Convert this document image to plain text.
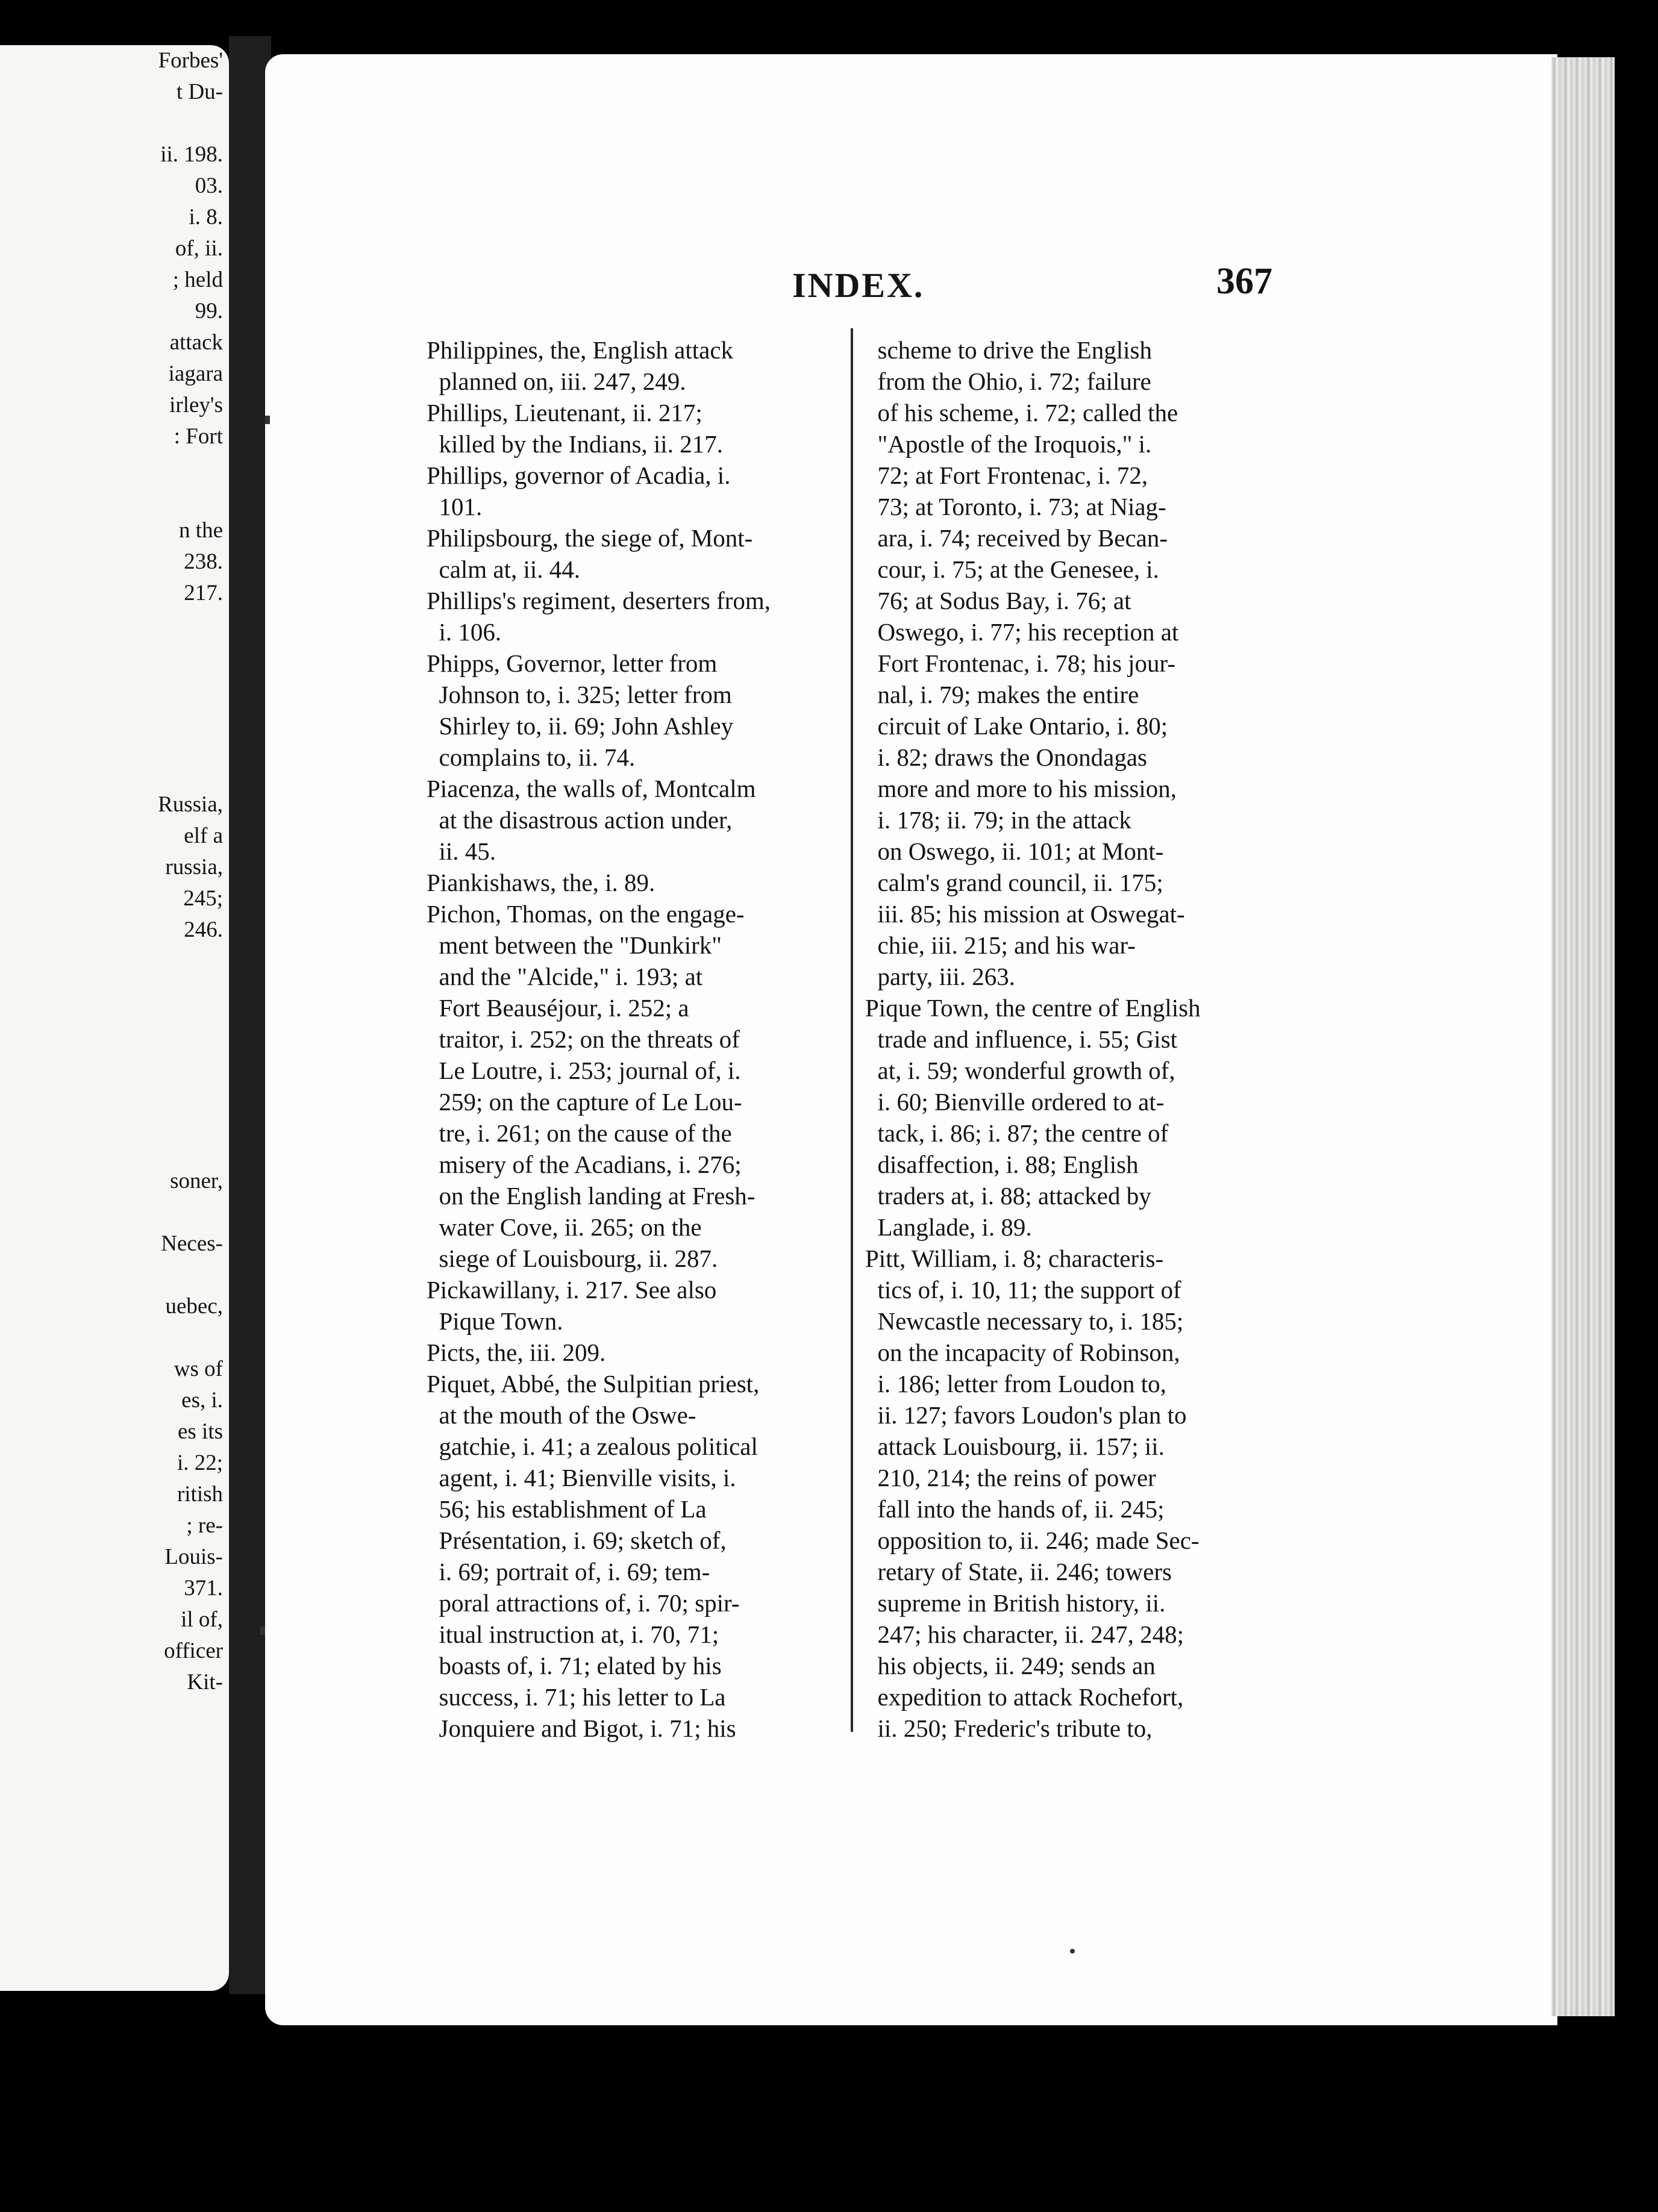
Forbes'
t Du-

ii. 198.
03.
i. 8.
of, ii.
; held
99.
attack
iagara
irley's
: Fort

n the
238.
217.
Russia,
elf a
russia,
245;
246.
soner,

Neces-

uebec,

ws of
es, i.
es its
i. 22;
ritish
; re-
Louis-
371.
il of,
officer
Kit-
INDEX.	367
Philippines, the, English attack
planned on, iii. 247, 249.
Phillips, Lieutenant, ii. 217;
killed by the Indians, ii. 217.
Phillips, governor of Acadia, i.
101.
Philipsbourg, the siege of, Mont-
calm at, ii. 44.
Phillips's regiment, deserters from,
i. 106.
Phipps, Governor, letter from
Johnson to, i. 325; letter from
Shirley to, ii. 69; John Ashley
complains to, ii. 74.
Piacenza, the walls of, Montcalm
at the disastrous action under,
ii. 45.
Piankishaws, the, i. 89.
Pichon, Thomas, on the engage-
ment between the "Dunkirk"
and the "Alcide," i. 193; at
Fort Beauséjour, i. 252; a
traitor, i. 252; on the threats of
Le Loutre, i. 253; journal of, i.
259; on the capture of Le Lou-
tre, i. 261; on the cause of the
misery of the Acadians, i. 276;
on the English landing at Fresh-
water Cove, ii. 265; on the
siege of Louisbourg, ii. 287.
Pickawillany, i. 217. See also
Pique Town.
Picts, the, iii. 209.
Piquet, Abbé, the Sulpitian priest,
at the mouth of the Oswe-
gatchie, i. 41; a zealous political
agent, i. 41; Bienville visits, i.
56; his establishment of La
Présentation, i. 69; sketch of,
i. 69; portrait of, i. 69; tem-
poral attractions of, i. 70; spir-
itual instruction at, i. 70, 71;
boasts of, i. 71; elated by his
success, i. 71; his letter to La
Jonquiere and Bigot, i. 71; his
scheme to drive the English
from the Ohio, i. 72; failure
of his scheme, i. 72; called the
"Apostle of the Iroquois," i.
72; at Fort Frontenac, i. 72,
73; at Toronto, i. 73; at Niag-
ara, i. 74; received by Becan-
cour, i. 75; at the Genesee, i.
76; at Sodus Bay, i. 76; at
Oswego, i. 77; his reception at
Fort Frontenac, i. 78; his jour-
nal, i. 79; makes the entire
circuit of Lake Ontario, i. 80;
i. 82; draws the Onondagas
more and more to his mission,
i. 178; ii. 79; in the attack
on Oswego, ii. 101; at Mont-
calm's grand council, ii. 175;
iii. 85; his mission at Oswegat-
chie, iii. 215; and his war-
party, iii. 263.
Pique Town, the centre of English
trade and influence, i. 55; Gist
at, i. 59; wonderful growth of,
i. 60; Bienville ordered to at-
tack, i. 86; i. 87; the centre of
disaffection, i. 88; English
traders at, i. 88; attacked by
Langlade, i. 89.
Pitt, William, i. 8; characteris-
tics of, i. 10, 11; the support of
Newcastle necessary to, i. 185;
on the incapacity of Robinson,
i. 186; letter from Loudon to,
ii. 127; favors Loudon's plan to
attack Louisbourg, ii. 157; ii.
210, 214; the reins of power
fall into the hands of, ii. 245;
opposition to, ii. 246; made Sec-
retary of State, ii. 246; towers
supreme in British history, ii.
247; his character, ii. 247, 248;
his objects, ii. 249; sends an
expedition to attack Rochefort,
ii. 250; Frederic's tribute to,
